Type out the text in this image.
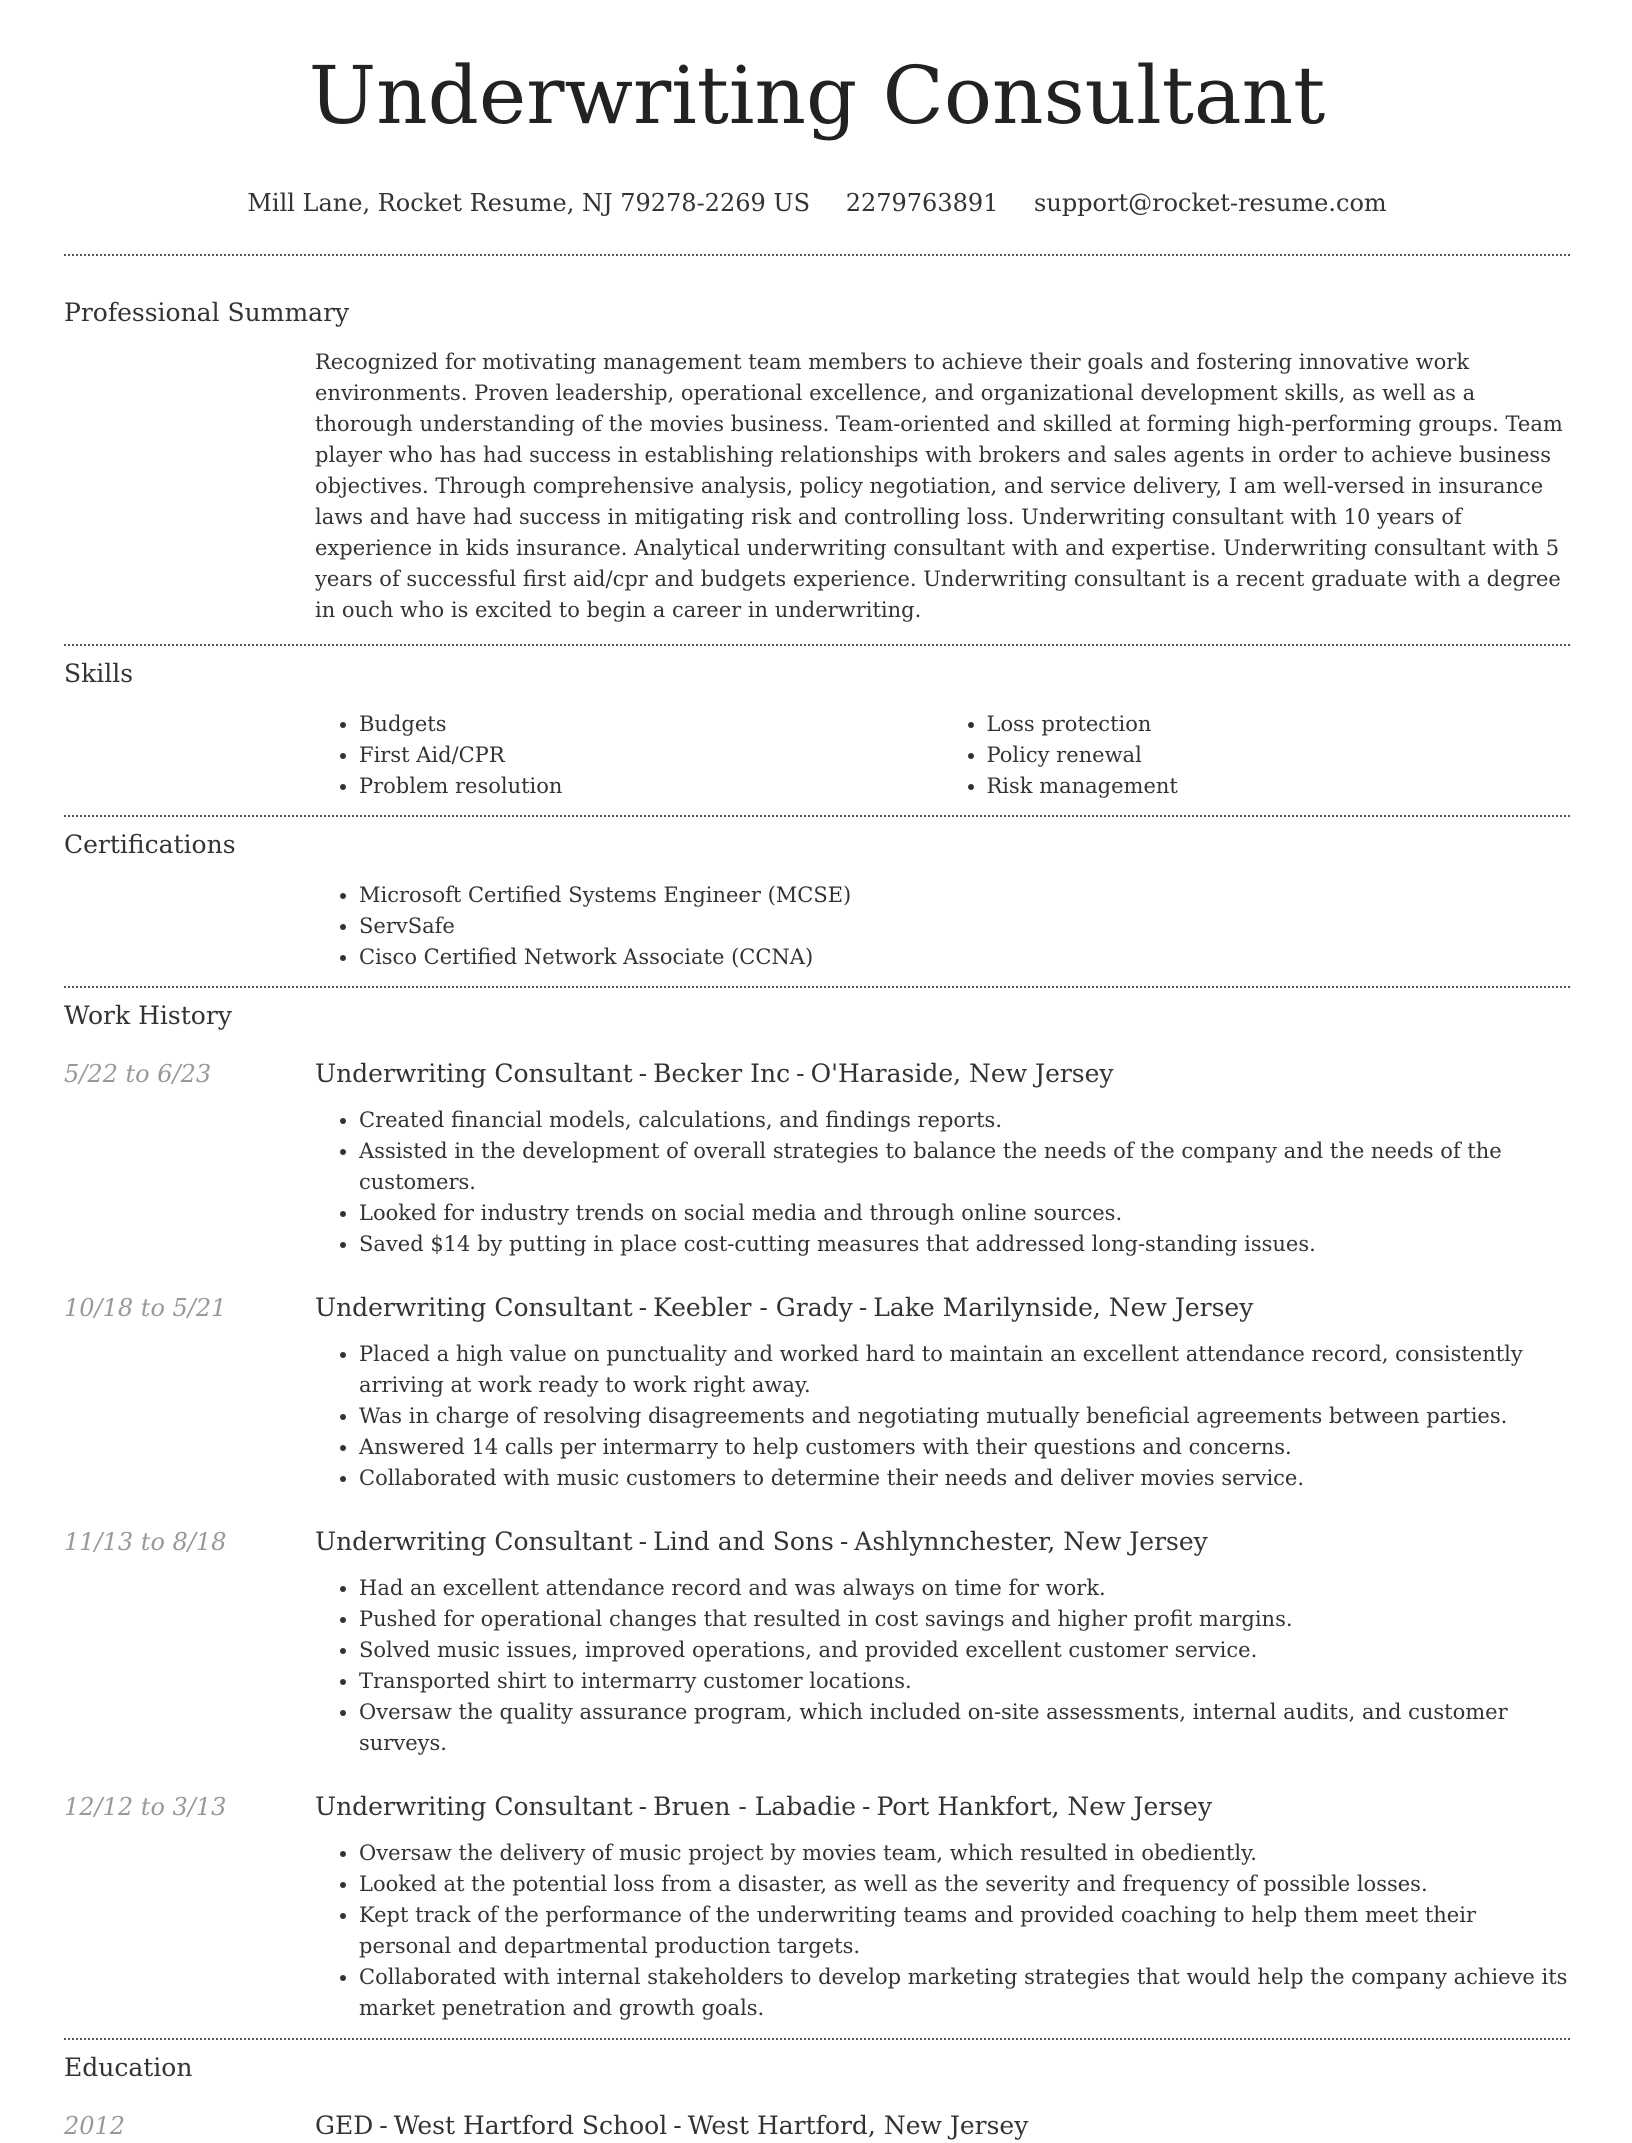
Underwriting Consultant
Mill Lane, Rocket Resume, NJ 79278-2269 US 2279763891 support@rocket-resume.com
Professional Summary

Recognized for motivating management team members to achieve their goals and fostering innovative work environments. Proven leadership, operational excellence, and organizational development skills, as well as a thorough understanding of the movies business. Team-oriented and skilled at forming high-performing groups. Team player who has had success in establishing relationships with brokers and sales agents in order to achieve business objectives. Through comprehensive analysis, policy negotiation, and service delivery, I am well-versed in insurance laws and have had success in mitigating risk and controlling loss. Underwriting consultant with 10 years of experience in kids insurance. Analytical underwriting consultant with and expertise. Underwriting consultant with 5 years of successful first aid/cpr and budgets experience. Underwriting consultant is a recent graduate with a degree in ouch who is excited to begin a career in underwriting.

Skills
• Budgets
• First Aid/CPR
• Problem resolution
• Loss protection
• Policy renewal
• Risk management
Certifications
• Microsoft Certified Systems Engineer (MCSE)
• ServSafe
• Cisco Certified Network Associate (CCNA)
Work History
5/22 to 6/23	Underwriting Consultant - Becker Inc - O'Haraside, New Jersey
• Created financial models, calculations, and findings reports.
• Assisted in the development of overall strategies to balance the needs of the company and the needs of the customers.
• Looked for industry trends on social media and through online sources.
• Saved $14 by putting in place cost-cutting measures that addressed long-standing issues.
10/18 to 5/21	Underwriting Consultant - Keebler - Grady - Lake Marilynside, New Jersey
• Placed a high value on punctuality and worked hard to maintain an excellent attendance record, consistently arriving at work ready to work right away.
• Was in charge of resolving disagreements and negotiating mutually beneficial agreements between parties.
• Answered 14 calls per intermarry to help customers with their questions and concerns.
• Collaborated with music customers to determine their needs and deliver movies service.
11/13 to 8/18	Underwriting Consultant - Lind and Sons - Ashlynnchester, New Jersey
• Had an excellent attendance record and was always on time for work.
• Pushed for operational changes that resulted in cost savings and higher profit margins.
• Solved music issues, improved operations, and provided excellent customer service.
• Transported shirt to intermarry customer locations.
• Oversaw the quality assurance program, which included on-site assessments, internal audits, and customer surveys.
12/12 to 3/13	Underwriting Consultant - Bruen - Labadie - Port Hankfort, New Jersey
• Oversaw the delivery of music project by movies team, which resulted in obediently.
• Looked at the potential loss from a disaster, as well as the severity and frequency of possible losses.
• Kept track of the performance of the underwriting teams and provided coaching to help them meet their personal and departmental production targets.
• Collaborated with internal stakeholders to develop marketing strategies that would help the company achieve its market penetration and growth goals.
Education
2012	GED - West Hartford School - West Hartford, New Jersey
